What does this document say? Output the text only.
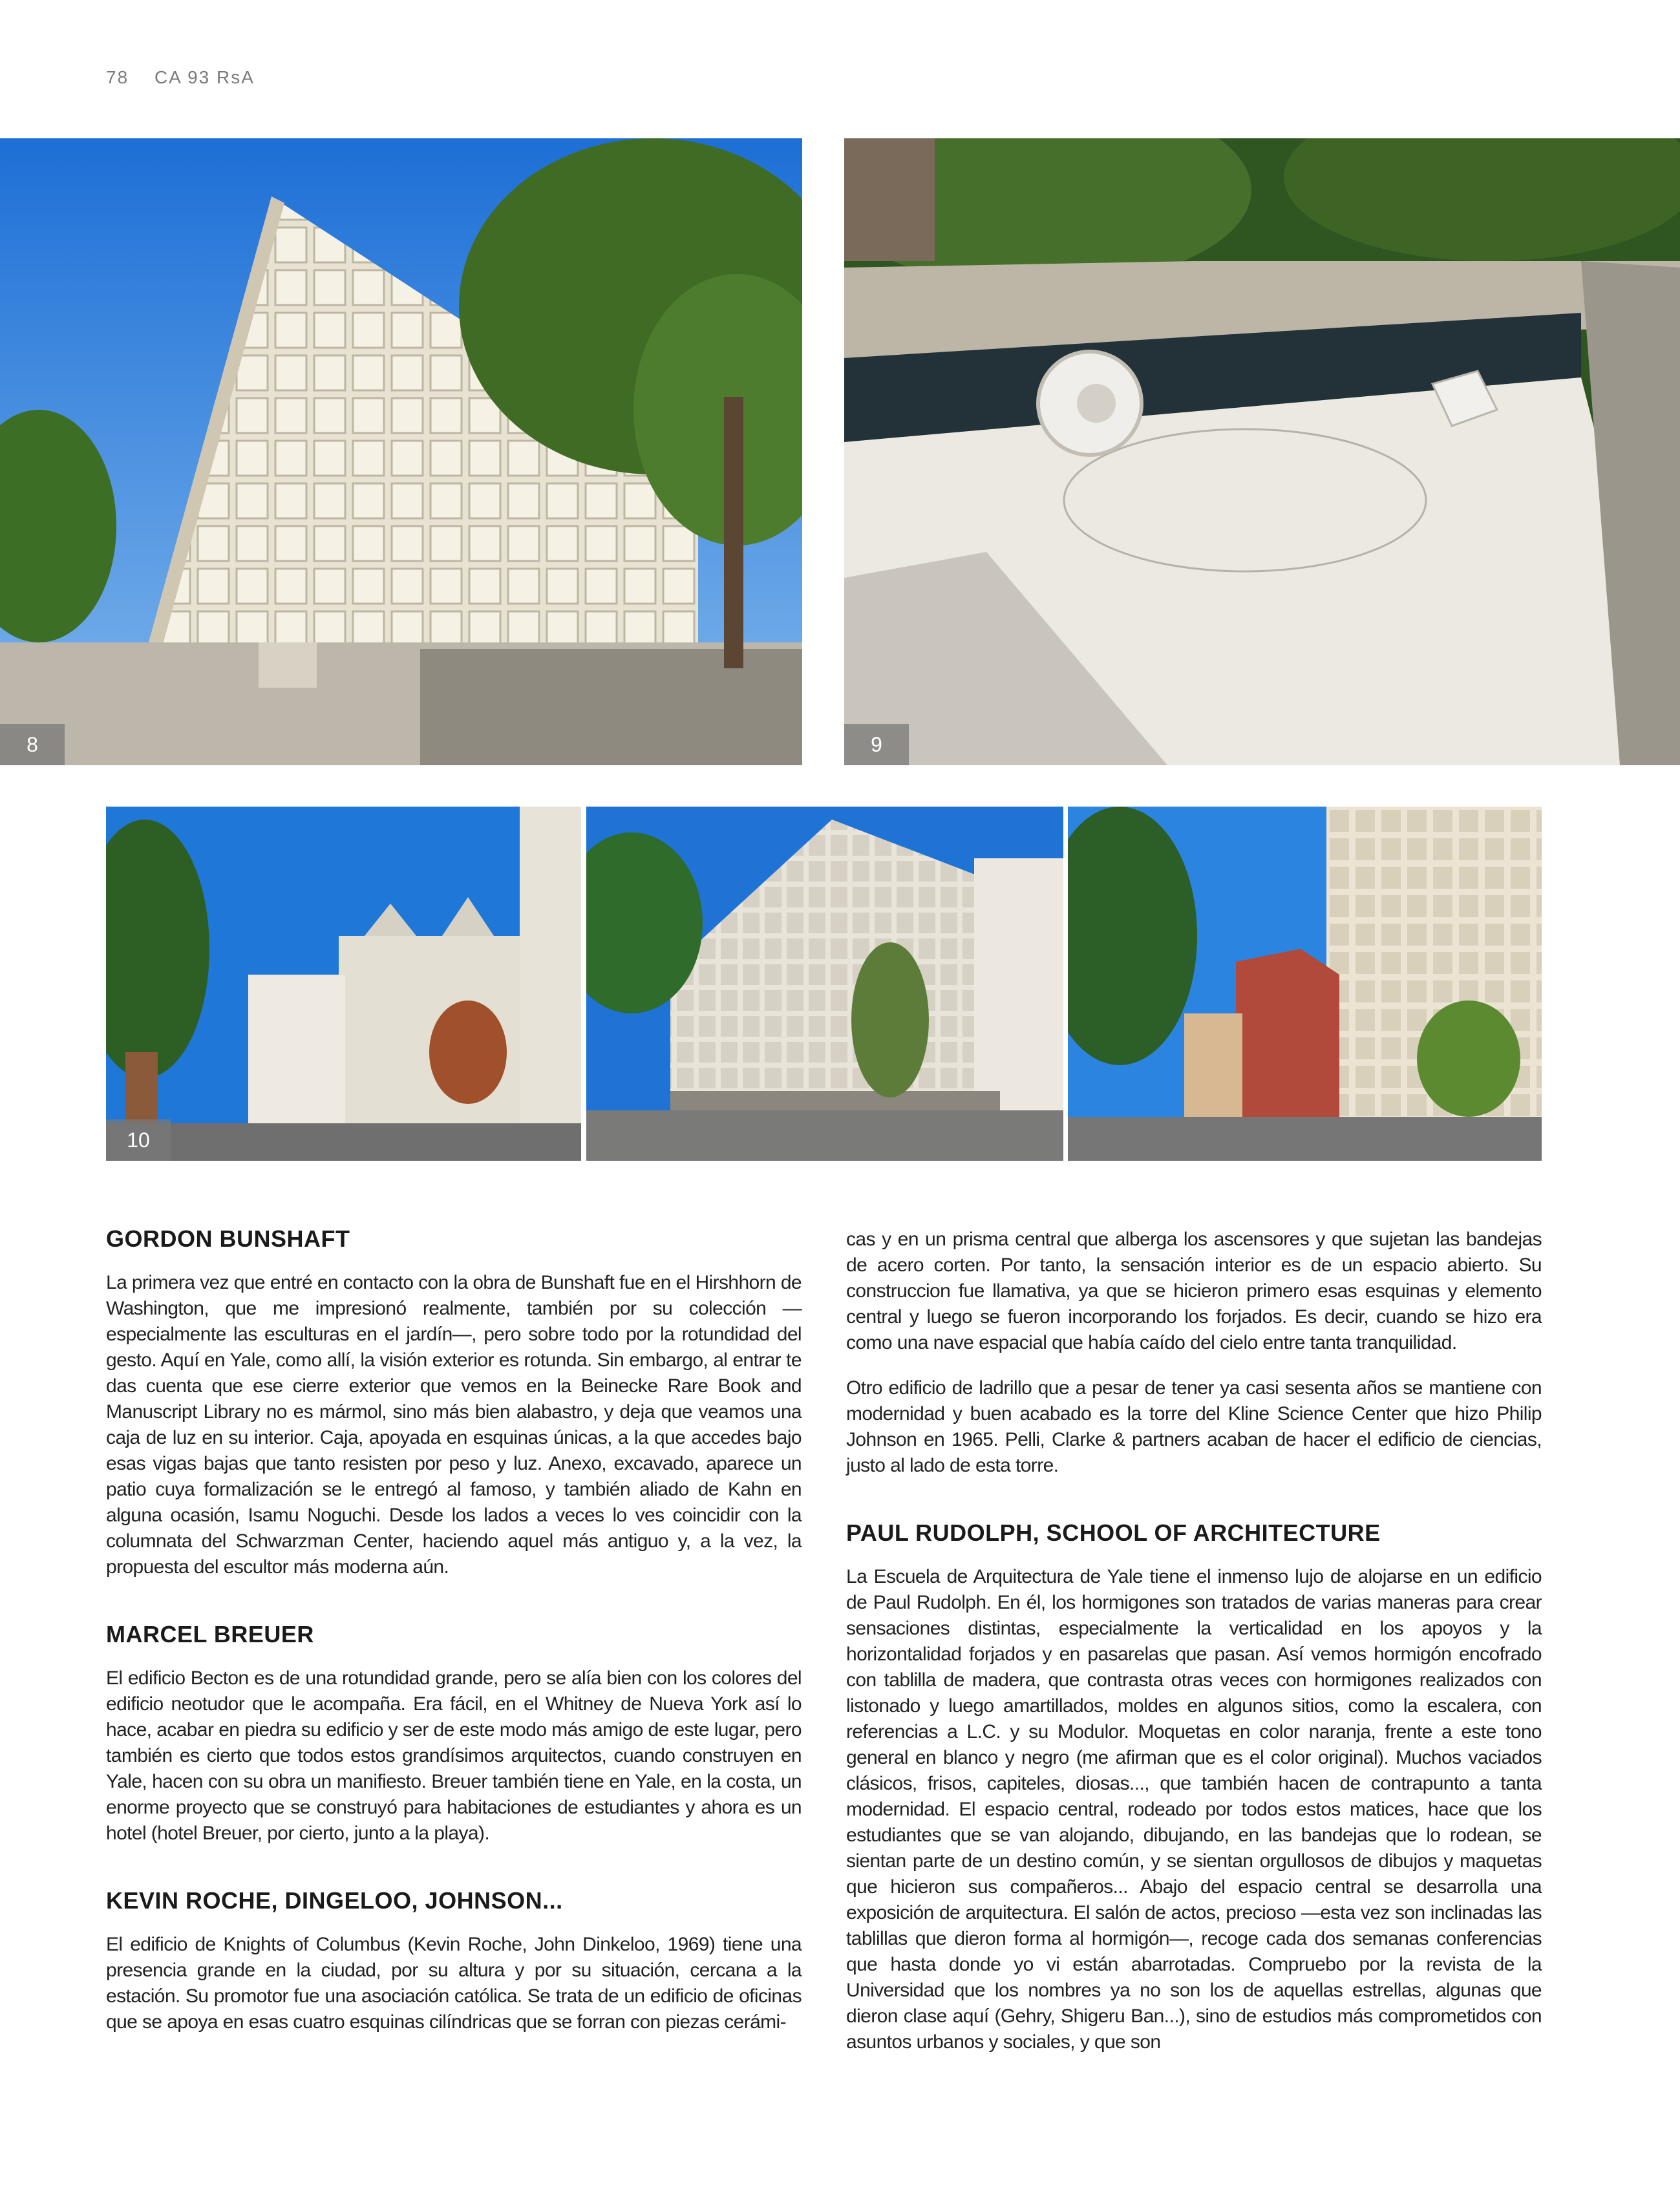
78 CA 93 RsA
8	9
10
GORDON BUNSHAFT

La primera vez que entré en contacto con la obra de Bunshaft fue en el Hirshhorn de Washington, que me impresionó realmente, también por su colección —especialmente las esculturas en el jardín—, pero sobre todo por la rotundidad del gesto. Aquí en Yale, como allí, la visión exterior es rotunda. Sin embargo, al entrar te das cuenta que ese cierre exterior que vemos en la Beinecke Rare Book and Manuscript Library no es mármol, sino más bien alabastro, y deja que veamos una caja de luz en su interior. Caja, apoyada en esquinas únicas, a la que accedes bajo esas vigas bajas que tanto resisten por peso y luz. Anexo, excavado, aparece un patio cuya formalización se le entregó al famoso, y también aliado de Kahn en alguna ocasión, Isamu Noguchi. Desde los lados a veces lo ves coincidir con la columnata del Schwarzman Center, haciendo aquel más antiguo y, a la vez, la propuesta del escultor más moderna aún.

MARCEL BREUER

El edificio Becton es de una rotundidad grande, pero se alía bien con los colores del edificio neotudor que le acompaña. Era fácil, en el Whitney de Nueva York así lo hace, acabar en piedra su edificio y ser de este modo más amigo de este lugar, pero también es cierto que todos estos grandísimos arquitectos, cuando construyen en Yale, hacen con su obra un manifiesto. Breuer también tiene en Yale, en la costa, un enorme proyecto que se construyó para habitaciones de estudiantes y ahora es un hotel (hotel Breuer, por cierto, junto a la playa).

KEVIN ROCHE, DINGELOO, JOHNSON...

El edificio de Knights of Columbus (Kevin Roche, John Dinkeloo, 1969) tiene una presencia grande en la ciudad, por su altura y por su situación, cercana a la estación. Su promotor fue una asociación católica. Se trata de un edificio de oficinas que se apoya en esas cuatro esquinas cilíndricas que se forran con piezas cerámi-

cas y en un prisma central que alberga los ascensores y que sujetan las bandejas de acero corten. Por tanto, la sensación interior es de un espacio abierto. Su construccion fue llamativa, ya que se hicieron primero esas esquinas y elemento central y luego se fueron incorporando los forjados. Es decir, cuando se hizo era como una nave espacial que había caído del cielo entre tanta tranquilidad.

Otro edificio de ladrillo que a pesar de tener ya casi sesenta años se mantiene con modernidad y buen acabado es la torre del Kline Science Center que hizo Philip Johnson en 1965. Pelli, Clarke & partners acaban de hacer el edificio de ciencias, justo al lado de esta torre.

PAUL RUDOLPH, SCHOOL OF ARCHITECTURE

La Escuela de Arquitectura de Yale tiene el inmenso lujo de alojarse en un edificio de Paul Rudolph. En él, los hormigones son tratados de varias maneras para crear sensaciones distintas, especialmente la verticalidad en los apoyos y la horizontalidad forjados y en pasarelas que pasan. Así vemos hormigón encofrado con tablilla de madera, que contrasta otras veces con hormigones realizados con listonado y luego amartillados, moldes en algunos sitios, como la escalera, con referencias a L.C. y su Modulor. Moquetas en color naranja, frente a este tono general en blanco y negro (me afirman que es el color original). Muchos vaciados clásicos, frisos, capiteles, diosas..., que también hacen de contrapunto a tanta modernidad. El espacio central, rodeado por todos estos matices, hace que los estudiantes que se van alojando, dibujando, en las bandejas que lo rodean, se sientan parte de un destino común, y se sientan orgullosos de dibujos y maquetas que hicieron sus compañeros... Abajo del espacio central se desarrolla una exposición de arquitectura. El salón de actos, precioso —esta vez son inclinadas las tablillas que dieron forma al hormigón—, recoge cada dos semanas conferencias que hasta donde yo vi están abarrotadas. Compruebo por la revista de la Universidad que los nombres ya no son los de aquellas estrellas, algunas que dieron clase aquí (Gehry, Shigeru Ban...), sino de estudios más comprometidos con asuntos urbanos y sociales, y que son
